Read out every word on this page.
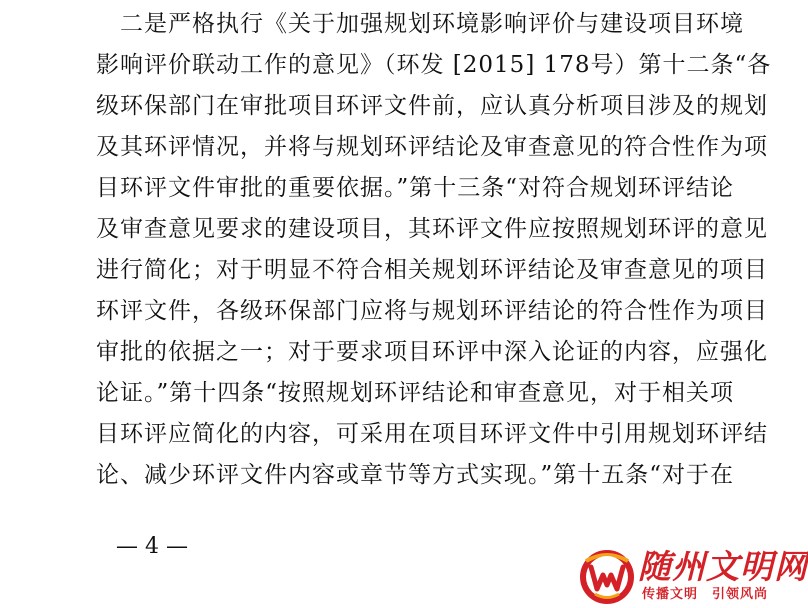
　二是严格执行《关于加强规划环境影响评价与建设项目环境
影响评价联动工作的意见》（环发 [2015] 178号）第十二条“各
级环保部门在审批项目环评文件前，应认真分析项目涉及的规划
及其环评情况，并将与规划环评结论及审查意见的符合性作为项
目环评文件审批的重要依据。”第十三条“对符合规划环评结论
及审查意见要求的建设项目，其环评文件应按照规划环评的意见
进行简化；对于明显不符合相关规划环评结论及审查意见的项目
环评文件，各级环保部门应将与规划环评结论的符合性作为项目
审批的依据之一；对于要求项目环评中深入论证的内容，应强化
论证。”第十四条“按照规划环评结论和审查意见，对于相关项
目环评应简化的内容，可采用在项目环评文件中引用规划环评结
论、减少环评文件内容或章节等方式实现。”第十五条“对于在
— 4 —
随州文明网
传播文明　引领风尚
